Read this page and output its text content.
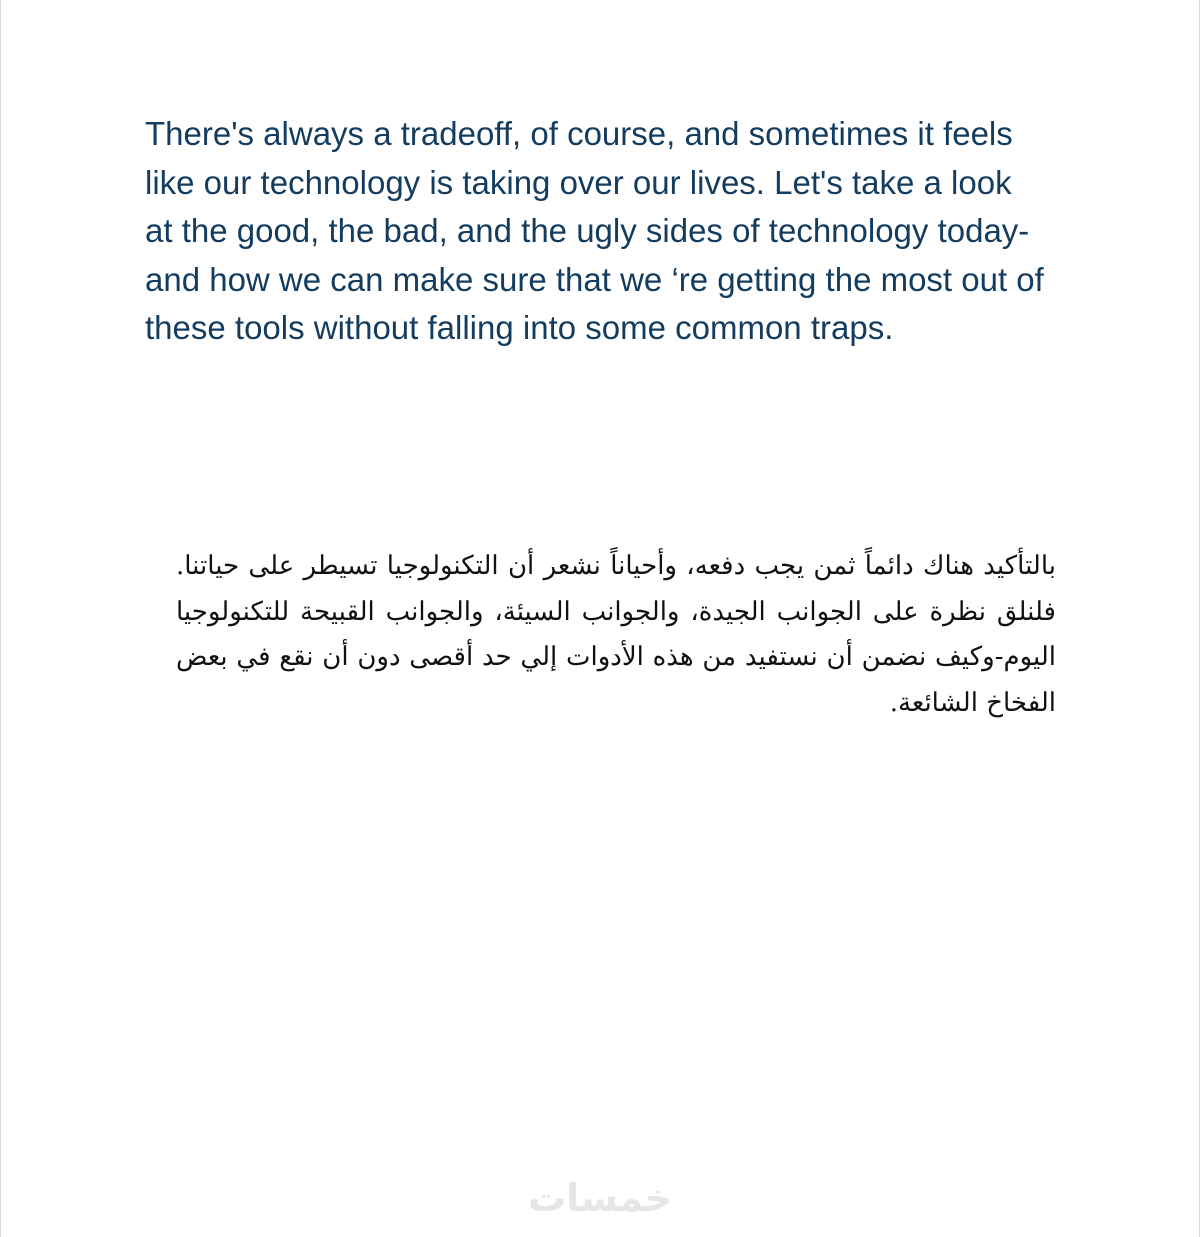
There's always a tradeoff, of course, and sometimes it feels like our technology is taking over our lives. Let's take a look at the good, the bad, and the ugly sides of technology today-and how we can make sure that we ‘re getting the most out of these tools without falling into some common traps.

بالتأكيد هناك دائماً ثمن يجب دفعه، وأحياناً نشعر أن التكنولوجيا تسيطر على حياتنا. فلنلق نظرة على الجوانب الجيدة، والجوانب السيئة، والجوانب القبيحة للتكنولوجيا اليوم-وكيف نضمن أن نستفيد من هذه الأدوات إلي حد أقصى دون أن نقع في بعض الفخاخ الشائعة.

خمسات
